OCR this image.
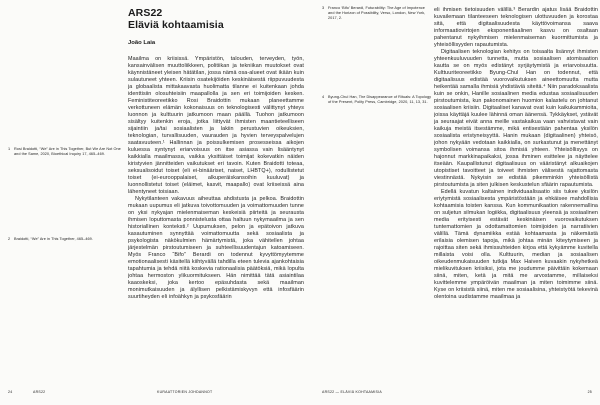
1	Rosi Braidotti, “We” Are in This Together, But We Are Not One and the Same, 2020, Bioethical Inquiry 17, 465–469.
2	Braidotti, “We” Are in This Together, 465–469.
ARS22
Eläviä kohtaamisia
João Laia

Maailma on kriisissä. Ympäristön, talouden, terveyden, työn, kansainvälisen muuttoliikkeen, politiikan ja tekniikan muutokset ovat käynnistäneet yleisen hätätilan, jossa nämä osa-alueet ovat ikään kuin sulautuneet yhteen. Kriisin osatekijöiden keskinäisestä riippuvuudesta ja globaalista mittakaavasta huolimatta tilanne ei kuitenkaan johda identtisiin olosuhteisiin maapallolla ja sen eri toimijoiden kesken. Feministiteoreetikko Rosi Braidottin mukaan planeettamme verkottuneen elämän kokonaisuus on teknologisesti välittynyt yhteys luonnon ja kulttuurin jatkumoon maan päällä. Tuohon jatkumoon sisältyy kuitenkin eroja, jotka liittyvät ihmisten maantieteelliseen sijaintiin ja/tai sosiaalisten ja lakiin perustuvien oikeuksien, teknologian, turvallisuuden, vaurauden ja hyvien terveyspalvelujen saatavuuteen.¹ Hallinnan ja poissulkemisen prosesseissa aikojen kuluessa syntynyt eriarvoisuus on itse asiassa vain lisääntynyt kaikkialla maailmassa, vaikka yksittäiset toimijat kokevatkin näiden kiristyvien jännitteiden vaikutukset eri tavoin. Kuten Braidotti toteaa, seksualisoidut toiset (eli ei-binääriset, naiset, LHBTQ+), rodullistetut toiset (ei-eurooppalaiset, alkuperäiskansoihin kuuluvat) ja luonnollistetut toiset (eläimet, kasvit, maapallo) ovat kriiseissä aina lähentyneet toisiaan.

Nykytilanteen vakavuus aiheuttaa ahdistusta ja pelkoa. Braidottin mukaan uupumus eli jatkuva toivottomuuden ja voimattomuuden tunne on yksi nykyajan mielenmaiseman keskeisiä piirteitä ja seurausta ihmisen loputtomasta ponnistelusta ottaa haltuun nykymaailma ja sen historiallinen konteksti.² Uupumuksen, pelon ja epätoivon jatkuva kasautuminen synnyttää voimattomuutta sekä sosiaalista ja psykologista näkökulmien hämärtymistä, joka vähitellen johtaa järjestelmän pirstoutumiseen ja suhteellisuudentajun katoamiseen. Myös Franco “Bifo” Berardi on todennut kyvyttömyytemme emotionaalisesti käsitellä kiihtyvällä tahdilla eteen tulevia ajankohtaisia tapahtumia ja tehdä niitä koskevia rationaalisia päätöksiä, mikä lopulta johtaa hermoston ylikuormitukseen. Hän nimittää tätä asiaintilaa kaaoskeksi, joka kertoo epäsuhdasta sekä maailman monimutkaisuuden ja älyllisen pelkistämiskyvyn että infosfäärin suurtiheyden eli infoähkyn ja psykosfäärin

24	ARS22	KURAATTORIEN JOHDANNOT
3	Franco ‘Bifo’ Berardi, Futurability: The Age of Impotence and the Horizon of Possibility, Verso, London, New York, 2017, 2.
4	Byung-Chul Han, The Disappearance of Rituals: A Topology of the Present, Polity Press, Cambridge, 2020, 11, 13, 31.

eli ihmisen tietoisuuden välillä.³ Berardin ajatus lisää Braidottin kuvailemaan tilanteeseen teknologisen ulottuvuuden ja korostaa sitä, että digitaalisuudesta käyttövoimansa saava informaatiovirtojen eksponentiaalinen kasvu on osaltaan pahentanut nykyihmisen mielenmaiseman kuormittumista ja yhteisöllisyyden rapautumista.

Digitaalisen teknologian kehitys on toisaalta lisännyt ihmisten yhteenkuuluvuuden tunnetta, mutta sosiaalisen atomisaation kautta se on myös edistänyt syrjäytymistä ja eriarvoisuutta. Kulttuuriteoreetikko Byung-Chul Han on todennut, että digitaalisuus edistää vuorovaikutuksen aineettomuutta mutta heikentää samalla ihmisiä yhdistäviä siteitä.⁴ Niin paradoksaalista kuin se onkin, Hanille sosiaalinen media edustaa sosiaalisuuden pirstoutumista, kun pakonomainen huomion kalastelu on johtanut sosiaalisen kriisiin. Digitaaliset kanavat ovat kuin kaikukammioita, joissa käyttäjä kuulee lähinnä oman äänensä. Tykkäykset, ystävät ja seuraajat eivät anna meille vastakaikua vaan vahvistavat vain kaikuja meistä itsestämme, mikä entisestään pahentaa yksilön sosiaalista eristyneisyyttä. Hanin mukaan (digitaalinen) yhteisö, johon nykyään vedotaan kaikkialla, on surkastunut ja menettänyt symbolisen voimansa sitoa ihmisiä yhteen. Yhteisöllisyys on hajonnut markkinapaikaksi, jossa ihminen esittelee ja näyttelee itseään. Kaupallistunut digitaalisuus on vääristänyt alkuaikojen utopistiset tavoitteet ja toiveet ihmisten välisestä rajattomasta viestinnästä. Nykyisin se edistää pikemminkin yhteisöllistä pirstoutumista ja siten julkisen keskustelun sfäärin rapautumista.

Edellä kuvatun kaltainen individuaalisaatio siis tukee yksilön eriytymistä sosiaalisesta ympäristöstään ja ehkäisee mahdollisia kohtaamisia toisten kanssa. Kun kommunikaation rakennemallina on suljetun silmukan logiikka, digitaalisuus yleensä ja sosiaalinen media erityisesti estävät keskinäisen vuorovaikutuksen tuntemattomien ja odottamattomien toimijoiden ja narratiivien välillä. Tämä dynamiikka estää kohtaamasta ja näkemästä erilaisia olemisen tapoja, mikä johtaa minän kiteytymiseen ja rajoittaa siten sekä ihmissuhteiden kirjoa että kykyämme kuvitella millaista voisi olla. Kulttuurin, median ja sosiaalisen oikeudenmukaisuuden tutkija Max Haiven kuvaakin nykyhetkeä mielikuvituksen kriisiksi, jota me joudumme päivittäin kokemaan siinä, miten, ketä ja mitä me arvostamme, millaiseksi kuvittelemme ympäröivän maailman ja miten toimimme siinä. Kyse on kriisistä siinä, miten me sosiaalisina, yhteistyötä tekevinä olentoina uudistamme maailmaa ja

ARS22 — ELÄVIÄ KOHTAAMISIA	25
